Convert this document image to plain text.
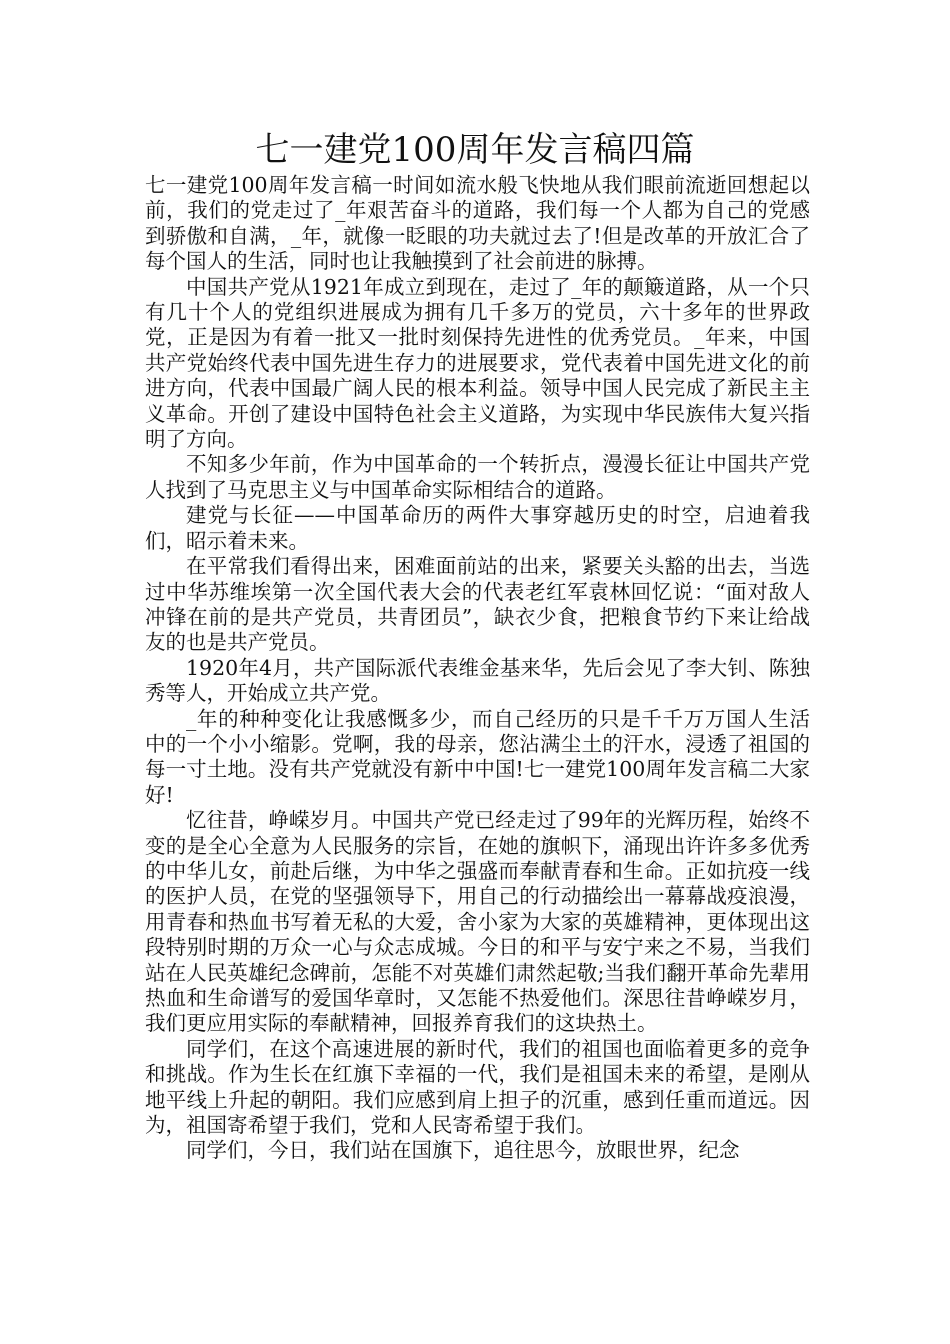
七一建党100周年发言稿四篇

七一建党100周年发言稿一时间如流水般飞快地从我们眼前流逝回想起以前，我们的党走过了_年艰苦奋斗的道路，我们每一个人都为自己的党感到骄傲和自满，_年，就像一眨眼的功夫就过去了!但是改革的开放汇合了每个国人的生活，同时也让我触摸到了社会前进的脉搏。

中国共产党从1921年成立到现在，走过了_年的颠簸道路，从一个只有几十个人的党组织进展成为拥有几千多万的党员，六十多年的世界政党，正是因为有着一批又一批时刻保持先进性的优秀党员。_年来，中国共产党始终代表中国先进生存力的进展要求，党代表着中国先进文化的前进方向，代表中国最广阔人民的根本利益。领导中国人民完成了新民主主义革命。开创了建设中国特色社会主义道路，为实现中华民族伟大复兴指明了方向。

不知多少年前，作为中国革命的一个转折点，漫漫长征让中国共产党人找到了马克思主义与中国革命实际相结合的道路。

建党与长征——中国革命历的两件大事穿越历史的时空，启迪着我们，昭示着未来。

在平常我们看得出来，困难面前站的出来，紧要关头豁的出去，当选过中华苏维埃第一次全国代表大会的代表老红军袁林回忆说：“面对敌人冲锋在前的是共产党员，共青团员”，缺衣少食，把粮食节约下来让给战友的也是共产党员。

1920年4月，共产国际派代表维金基来华，先后会见了李大钊、陈独秀等人，开始成立共产党。

_年的种种变化让我感慨多少，而自己经历的只是千千万万国人生活中的一个小小缩影。党啊，我的母亲，您沾满尘土的汗水，浸透了祖国的每一寸土地。没有共产党就没有新中中国!七一建党100周年发言稿二大家好!

忆往昔，峥嵘岁月。中国共产党已经走过了99年的光辉历程，始终不变的是全心全意为人民服务的宗旨，在她的旗帜下，涌现出许许多多优秀的中华儿女，前赴后继，为中华之强盛而奉献青春和生命。正如抗疫一线的医护人员，在党的坚强领导下，用自己的行动描绘出一幕幕战疫浪漫，用青春和热血书写着无私的大爱，舍小家为大家的英雄精神，更体现出这段特别时期的万众一心与众志成城。今日的和平与安宁来之不易，当我们站在人民英雄纪念碑前，怎能不对英雄们肃然起敬;当我们翻开革命先辈用热血和生命谱写的爱国华章时，又怎能不热爱他们。深思往昔峥嵘岁月，我们更应用实际的奉献精神，回报养育我们的这块热土。

同学们，在这个高速进展的新时代，我们的祖国也面临着更多的竞争和挑战。作为生长在红旗下幸福的一代，我们是祖国未来的希望，是刚从地平线上升起的朝阳。我们应感到肩上担子的沉重，感到任重而道远。因为，祖国寄希望于我们，党和人民寄希望于我们。

同学们，今日，我们站在国旗下，追往思今，放眼世界，纪念
